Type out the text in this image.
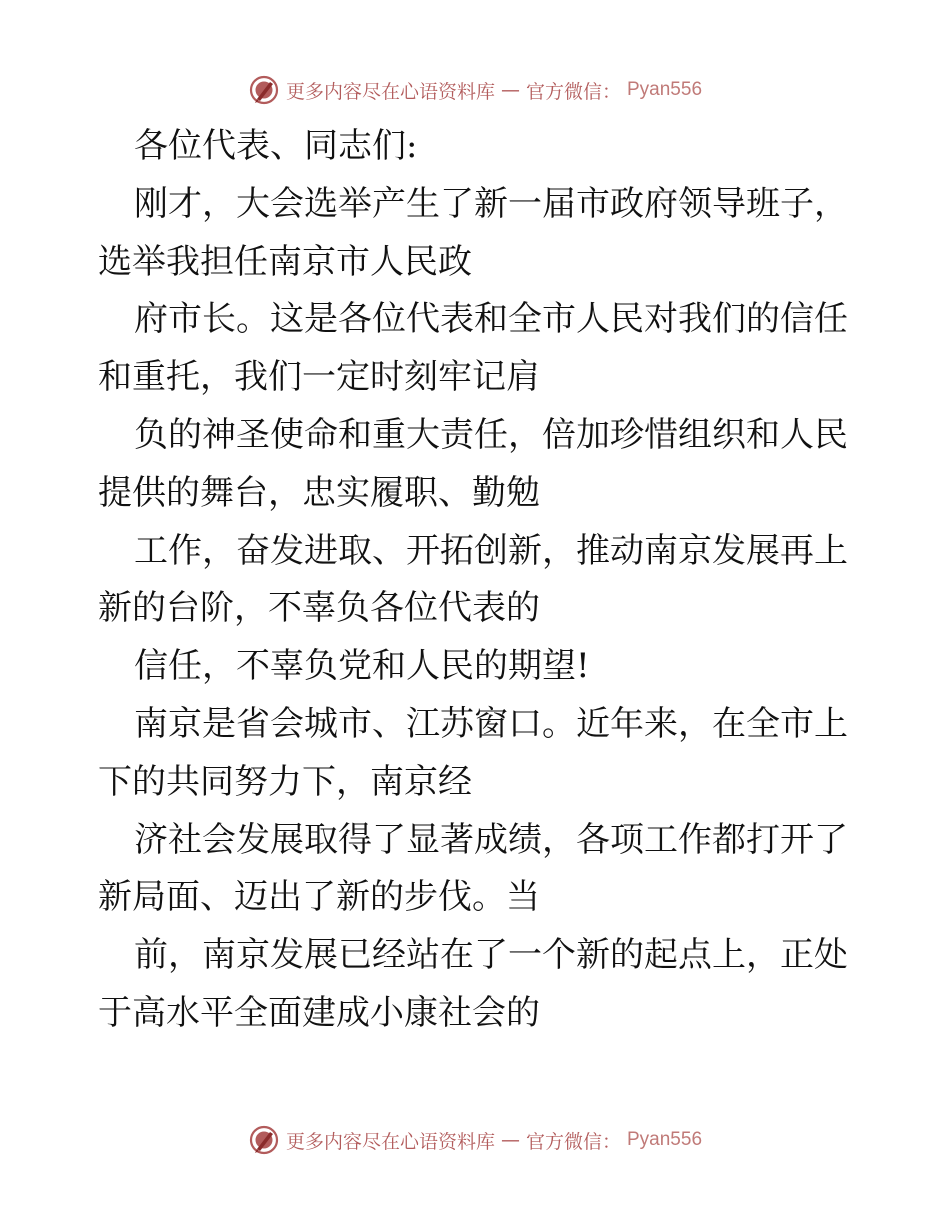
更多内容尽在心语资料库 — 官方微信： Pyan556
各位代表、同志们:
刚才，大会选举产生了新一届市政府领导班子，
选举我担任南京市人民政
府市长。这是各位代表和全市人民对我们的信任
和重托，我们一定时刻牢记肩
负的神圣使命和重大责任，倍加珍惜组织和人民
提供的舞台，忠实履职、勤勉
工作，奋发进取、开拓创新，推动南京发展再上
新的台阶，不辜负各位代表的
信任，不辜负党和人民的期望!
南京是省会城市、江苏窗口。近年来，在全市上
下的共同努力下，南京经
济社会发展取得了显著成绩，各项工作都打开了
新局面、迈出了新的步伐。当
前，南京发展已经站在了一个新的起点上，正处
于高水平全面建成小康社会的
更多内容尽在心语资料库 — 官方微信： Pyan556
